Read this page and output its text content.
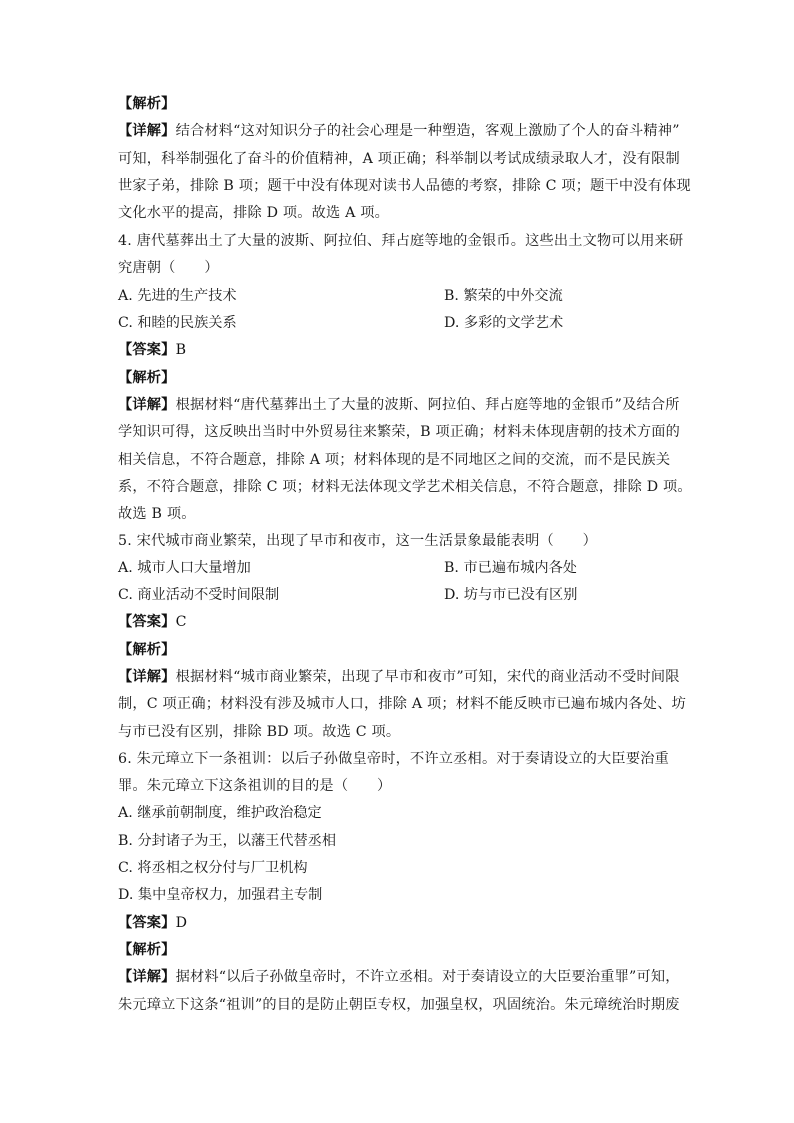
【解析】
【详解】结合材料“这对知识分子的社会心理是一种塑造，客观上激励了个人的奋斗精神”
可知，科举制强化了奋斗的价值精神，A 项正确；科举制以考试成绩录取人才，没有限制
世家子弟，排除 B 项；题干中没有体现对读书人品德的考察，排除 C 项；题干中没有体现
文化水平的提高，排除 D 项。故选 A 项。
4. 唐代墓葬出土了大量的波斯、阿拉伯、拜占庭等地的金银币。这些出土文物可以用来研
究唐朝（　　）
A. 先进的生产技术	B. 繁荣的中外交流
C. 和睦的民族关系	D. 多彩的文学艺术
【答案】B
【解析】
【详解】根据材料“唐代墓葬出土了大量的波斯、阿拉伯、拜占庭等地的金银币”及结合所
学知识可得，这反映出当时中外贸易往来繁荣，B 项正确；材料未体现唐朝的技术方面的
相关信息，不符合题意，排除 A 项；材料体现的是不同地区之间的交流，而不是民族关
系，不符合题意，排除 C 项；材料无法体现文学艺术相关信息，不符合题意，排除 D 项。
故选 B 项。
5. 宋代城市商业繁荣，出现了早市和夜市，这一生活景象最能表明（　　）
A. 城市人口大量增加	B. 市已遍布城内各处
C. 商业活动不受时间限制	D. 坊与市已没有区别
【答案】C
【解析】
【详解】根据材料“城市商业繁荣，出现了早市和夜市”可知，宋代的商业活动不受时间限
制，C 项正确；材料没有涉及城市人口，排除 A 项；材料不能反映市已遍布城内各处、坊
与市已没有区别，排除 BD 项。故选 C 项。
6. 朱元璋立下一条祖训：以后子孙做皇帝时，不许立丞相。对于奏请设立的大臣要治重
罪。朱元璋立下这条祖训的目的是（　　）
A. 继承前朝制度，维护政治稳定
B. 分封诸子为王，以藩王代替丞相
C. 将丞相之权分付与厂卫机构
D. 集中皇帝权力，加强君主专制
【答案】D
【解析】
【详解】据材料“以后子孙做皇帝时，不许立丞相。对于奏请设立的大臣要治重罪”可知，
朱元璋立下这条“祖训”的目的是防止朝臣专权，加强皇权，巩固统治。朱元璋统治时期废
